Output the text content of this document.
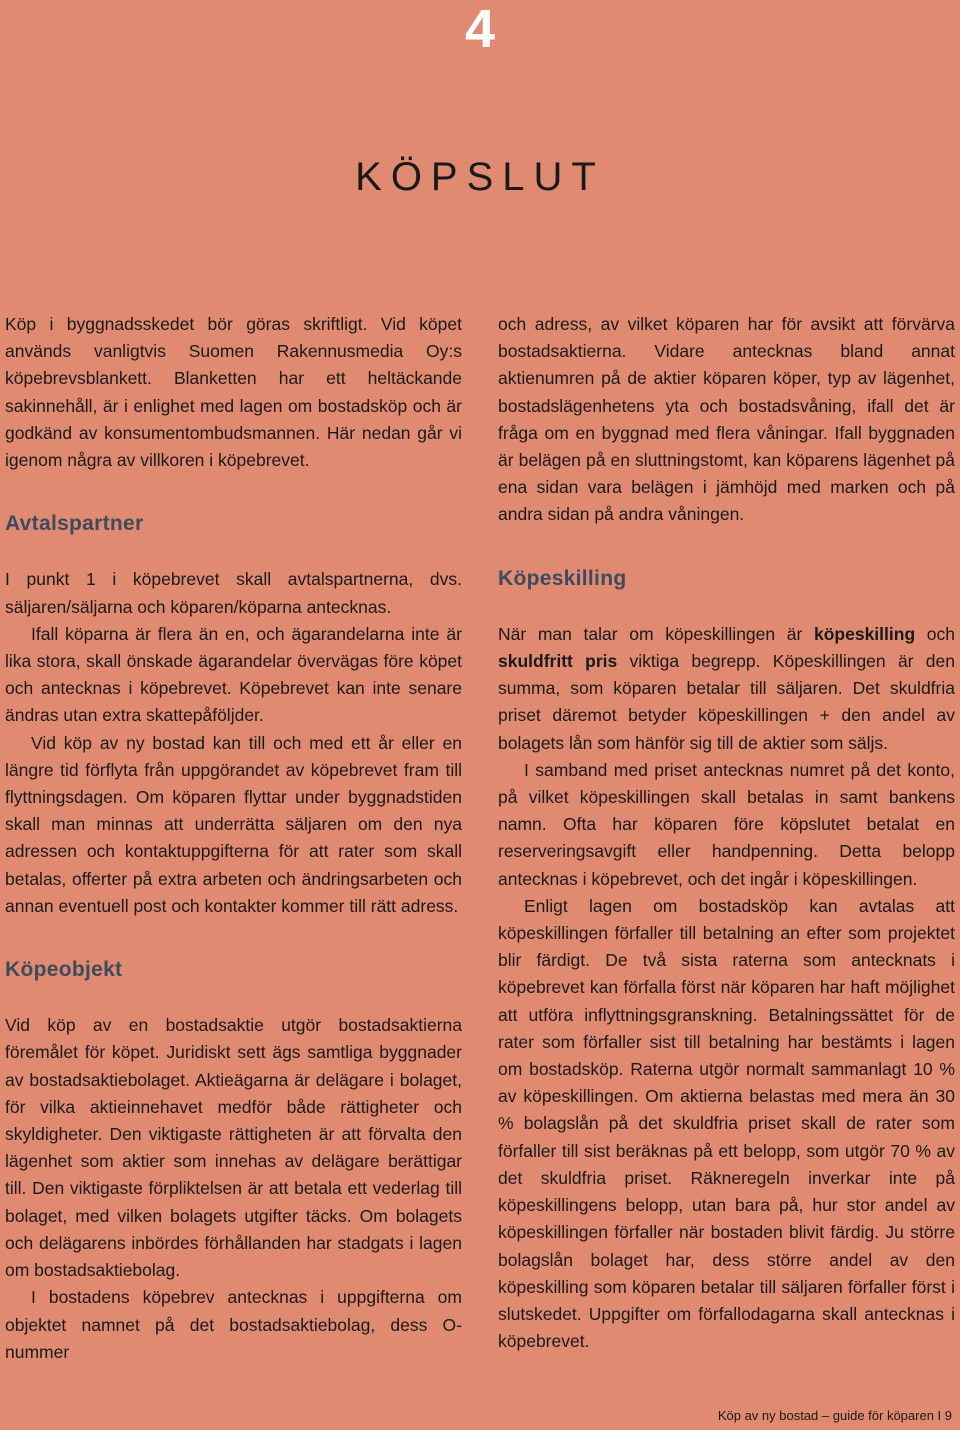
4
KÖPSLUT

Köp i byggnadsskedet bör göras skriftligt. Vid köpet används vanligtvis Suomen Rakennusmedia Oy:s köpebrevsblankett. Blanketten har ett heltäckande sakinnehåll, är i enlighet med lagen om bostadsköp och är godkänd av konsumentombudsmannen. Här nedan går vi igenom några av villkoren i köpebrevet.

Avtalspartner

I punkt 1 i köpebrevet skall avtalspartnerna, dvs. säljaren/säljarna och köparen/köparna antecknas.

Ifall köparna är flera än en, och ägarandelarna inte är lika stora, skall önskade ägarandelar övervägas före köpet och antecknas i köpebrevet. Köpebrevet kan inte senare ändras utan extra skattepåföljder.

Vid köp av ny bostad kan till och med ett år eller en längre tid förflyta från uppgörandet av köpebrevet fram till flyttningsdagen. Om köparen flyttar under byggnadstiden skall man minnas att underrätta säljaren om den nya adressen och kontaktuppgifterna för att rater som skall betalas, offerter på extra arbeten och ändringsarbeten och annan eventuell post och kontakter kommer till rätt adress.

Köpeobjekt

Vid köp av en bostadsaktie utgör bostadsaktierna föremålet för köpet. Juridiskt sett ägs samtliga byggnader av bostadsaktiebolaget. Aktieägarna är delägare i bolaget, för vilka aktieinnehavet medför både rättigheter och skyldigheter. Den viktigaste rättigheten är att förvalta den lägenhet som aktier som innehas av delägare berättigar till. Den viktigaste förpliktelsen är att betala ett vederlag till bolaget, med vilken bolagets utgifter täcks. Om bolagets och delägarens inbördes förhållanden har stadgats i lagen om bostadsaktiebolag.

I bostadens köpebrev antecknas i uppgifterna om objektet namnet på det bostadsaktiebolag, dess O-nummer

och adress, av vilket köparen har för avsikt att förvärva bostadsaktierna. Vidare antecknas bland annat aktienumren på de aktier köparen köper, typ av lägenhet, bostadslägenhetens yta och bostadsvåning, ifall det är fråga om en byggnad med flera våningar. Ifall byggnaden är belägen på en sluttningstomt, kan köparens lägenhet på ena sidan vara belägen i jämhöjd med marken och på andra sidan på andra våningen.

Köpeskilling

När man talar om köpeskillingen är köpeskilling och skuldfritt pris viktiga begrepp. Köpeskillingen är den summa, som köparen betalar till säljaren. Det skuldfria priset däremot betyder köpeskillingen + den andel av bolagets lån som hänför sig till de aktier som säljs.

I samband med priset antecknas numret på det konto, på vilket köpeskillingen skall betalas in samt bankens namn. Ofta har köparen före köpslutet betalat en reserveringsavgift eller handpenning. Detta belopp antecknas i köpebrevet, och det ingår i köpeskillingen.

Enligt lagen om bostadsköp kan avtalas att köpeskillingen förfaller till betalning an efter som projektet blir färdigt. De två sista raterna som antecknats i köpebrevet kan förfalla först när köparen har haft möjlighet att utföra inflyttningsgranskning. Betalningssättet för de rater som förfaller sist till betalning har bestämts i lagen om bostadsköp. Raterna utgör normalt sammanlagt 10 % av köpeskillingen. Om aktierna belastas med mera än 30 % bolagslån på det skuldfria priset skall de rater som förfaller till sist beräknas på ett belopp, som utgör 70 % av det skuldfria priset. Räkneregeln inverkar inte på köpeskillingens belopp, utan bara på, hur stor andel av köpeskillingen förfaller när bostaden blivit färdig. Ju större bolagslån bolaget har, dess större andel av den köpeskilling som köparen betalar till säljaren förfaller först i slutskedet. Uppgifter om förfallodagarna skall antecknas i köpebrevet.

Köp av ny bostad – guide för köparen I 9
